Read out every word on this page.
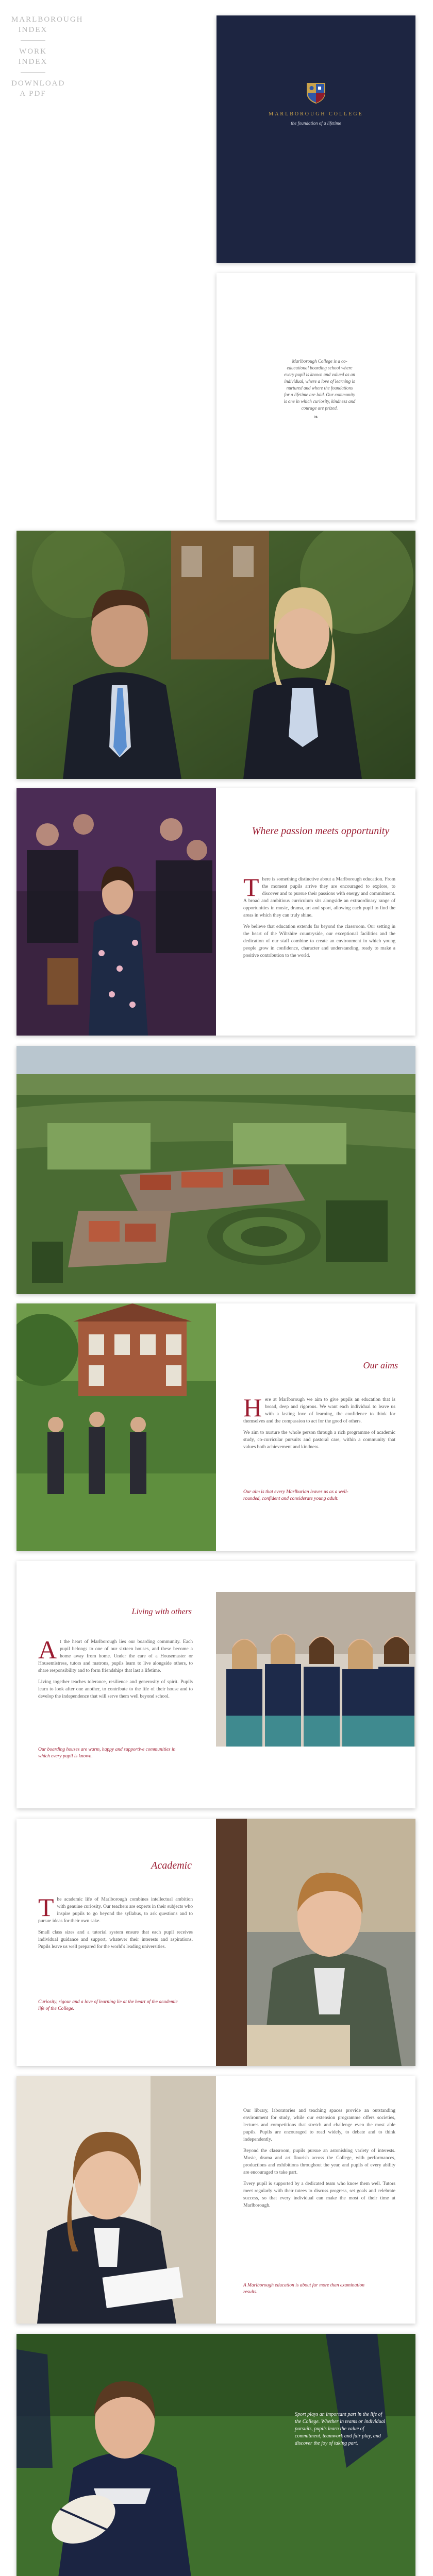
MARLBOROUGH
INDEX
WORK
INDEX
DOWNLOAD
A PDF
MARLBOROUGH COLLEGE
the foundation of a lifetime
Marlborough College is a co-educational boarding school where every pupil is known and valued as an individual, where a love of learning is nurtured and where the foundations for a lifetime are laid. Our community is one in which curiosity, kindness and courage are prized.
❧
Where passion meets opportunity
T here is something distinctive about a Marlborough education. From the moment pupils arrive they are encouraged to explore, to discover and to pursue their passions with energy and commitment. A broad and ambitious curriculum sits alongside an extraordinary range of opportunities in music, drama, art and sport, allowing each pupil to find the areas in which they can truly shine.

We believe that education extends far beyond the classroom. Our setting in the heart of the Wiltshire countryside, our exceptional facilities and the dedication of our staff combine to create an environment in which young people grow in confidence, character and understanding, ready to make a positive contribution to the world.

Our aims
H ere at Marlborough we aim to give pupils an education that is broad, deep and rigorous. We want each individual to leave us with a lasting love of learning, the confidence to think for themselves and the compassion to act for the good of others.

We aim to nurture the whole person through a rich programme of academic study, co-curricular pursuits and pastoral care, within a community that values both achievement and kindness.

Our aim is that every Marlburian leaves us as a well-rounded, confident and considerate young adult.
Living with others
A t the heart of Marlborough lies our boarding community. Each pupil belongs to one of our sixteen houses, and these become a home away from home. Under the care of a Housemaster or Housemistress, tutors and matrons, pupils learn to live alongside others, to share responsibility and to form friendships that last a lifetime.

Living together teaches tolerance, resilience and generosity of spirit. Pupils learn to look after one another, to contribute to the life of their house and to develop the independence that will serve them well beyond school.

Our boarding houses are warm, happy and supportive communities in which every pupil is known.
Academic
T he academic life of Marlborough combines intellectual ambition with genuine curiosity. Our teachers are experts in their subjects who inspire pupils to go beyond the syllabus, to ask questions and to pursue ideas for their own sake.

Small class sizes and a tutorial system ensure that each pupil receives individual guidance and support, whatever their interests and aspirations. Pupils leave us well prepared for the world's leading universities.

Curiosity, rigour and a love of learning lie at the heart of the academic life of the College.

Our library, laboratories and teaching spaces provide an outstanding environment for study, while our extension programme offers societies, lectures and competitions that stretch and challenge even the most able pupils. Pupils are encouraged to read widely, to debate and to think independently.

Beyond the classroom, pupils pursue an astonishing variety of interests. Music, drama and art flourish across the College, with performances, productions and exhibitions throughout the year, and pupils of every ability are encouraged to take part.

Every pupil is supported by a dedicated team who know them well. Tutors meet regularly with their tutees to discuss progress, set goals and celebrate success, so that every individual can make the most of their time at Marlborough.

A Marlborough education is about far more than examination results.
Sport plays an important part in the life of the College. Whether in teams or individual pursuits, pupils learn the value of commitment, teamwork and fair play, and discover the joy of taking part.
